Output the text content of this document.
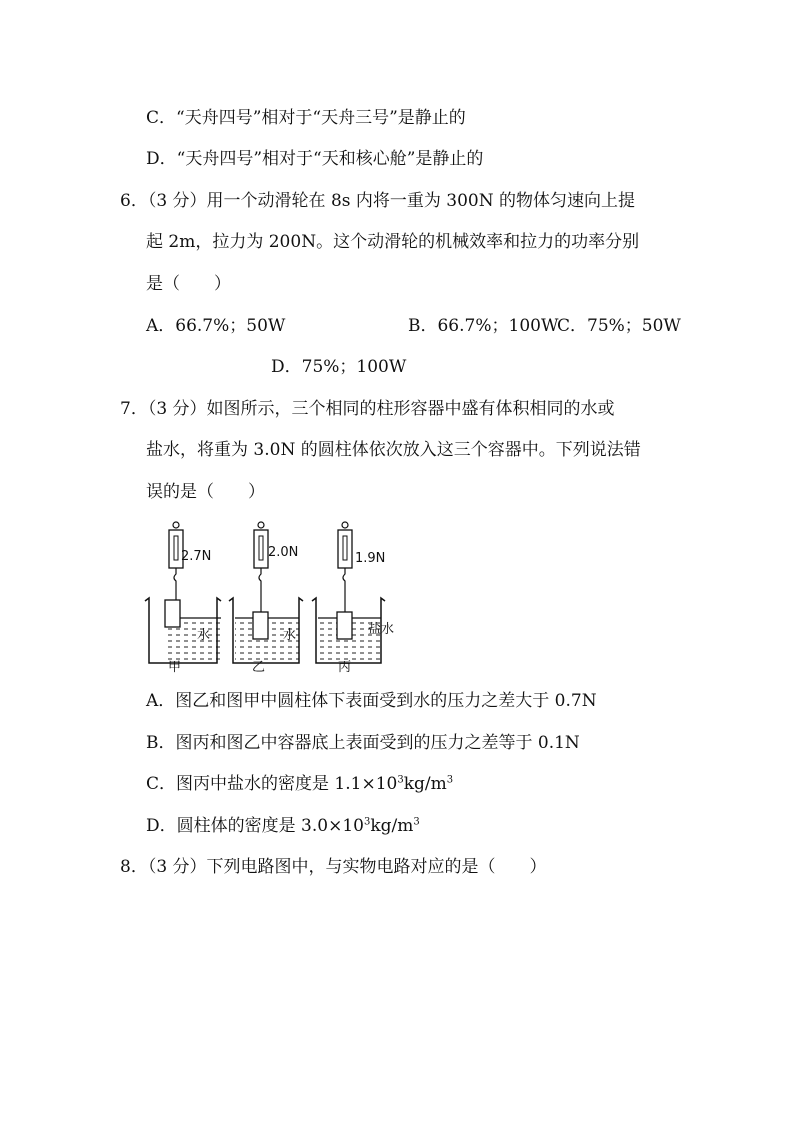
C．“天舟四号”相对于“天舟三号”是静止的
D．“天舟四号”相对于“天和核心舱”是静止的
6．（3 分）用一个动滑轮在 8s 内将一重为 300N 的物体匀速向上提
起 2m，拉力为 200N。这个动滑轮的机械效率和拉力的功率分别
是（　　）
A．66.7%；50W	B．66.7%；100W
C．75%；50W
D．75%；100W
7．（3 分）如图所示，三个相同的柱形容器中盛有体积相同的水或
盐水，将重为 3.0N 的圆柱体依次放入这三个容器中。下列说法错
误的是（　　）
2.7N
水
甲
2.0N
水
乙
1.9N
盐水
丙
A．图乙和图甲中圆柱体下表面受到水的压力之差大于 0.7N
B．图丙和图乙中容器底上表面受到的压力之差等于 0.1N
C．图丙中盐水的密度是 $1.1\times 10^3kg/m^3$
D．圆柱体的密度是 $3.0\times 10^3kg/m^3$
8．（3 分）下列电路图中，与实物电路对应的是（　　）
